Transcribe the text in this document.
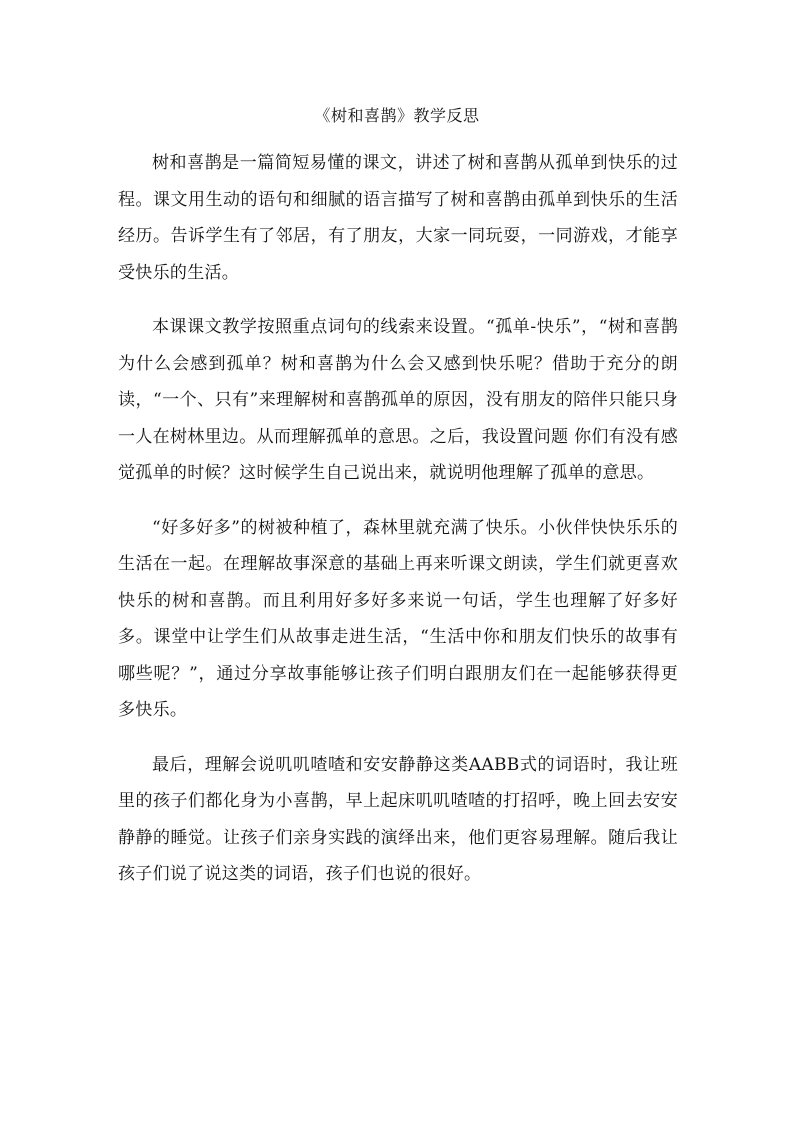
《树和喜鹊》教学反思

树和喜鹊是一篇简短易懂的课文，讲述了树和喜鹊从孤单到快乐的过程。课文用生动的语句和细腻的语言描写了树和喜鹊由孤单到快乐的生活经历。告诉学生有了邻居，有了朋友，大家一同玩耍，一同游戏，才能享受快乐的生活。

本课课文教学按照重点词句的线索来设置。“孤单-快乐”，“树和喜鹊为什么会感到孤单？树和喜鹊为什么会又感到快乐呢？借助于充分的朗读，“一个、只有”来理解树和喜鹊孤单的原因，没有朋友的陪伴只能只身一人在树林里边。从而理解孤单的意思。之后，我设置问题 你们有没有感觉孤单的时候？这时候学生自己说出来，就说明他理解了孤单的意思。

“好多好多”的树被种植了，森林里就充满了快乐。小伙伴快快乐乐的生活在一起。在理解故事深意的基础上再来听课文朗读，学生们就更喜欢快乐的树和喜鹊。而且利用好多好多来说一句话，学生也理解了好多好多。课堂中让学生们从故事走进生活，“生活中你和朋友们快乐的故事有哪些呢？”，通过分享故事能够让孩子们明白跟朋友们在一起能够获得更多快乐。

最后，理解会说叽叽喳喳和安安静静这类AABB式的词语时，我让班里的孩子们都化身为小喜鹊，早上起床叽叽喳喳的打招呼，晚上回去安安静静的睡觉。让孩子们亲身实践的演绎出来，他们更容易理解。随后我让孩子们说了说这类的词语，孩子们也说的很好。
